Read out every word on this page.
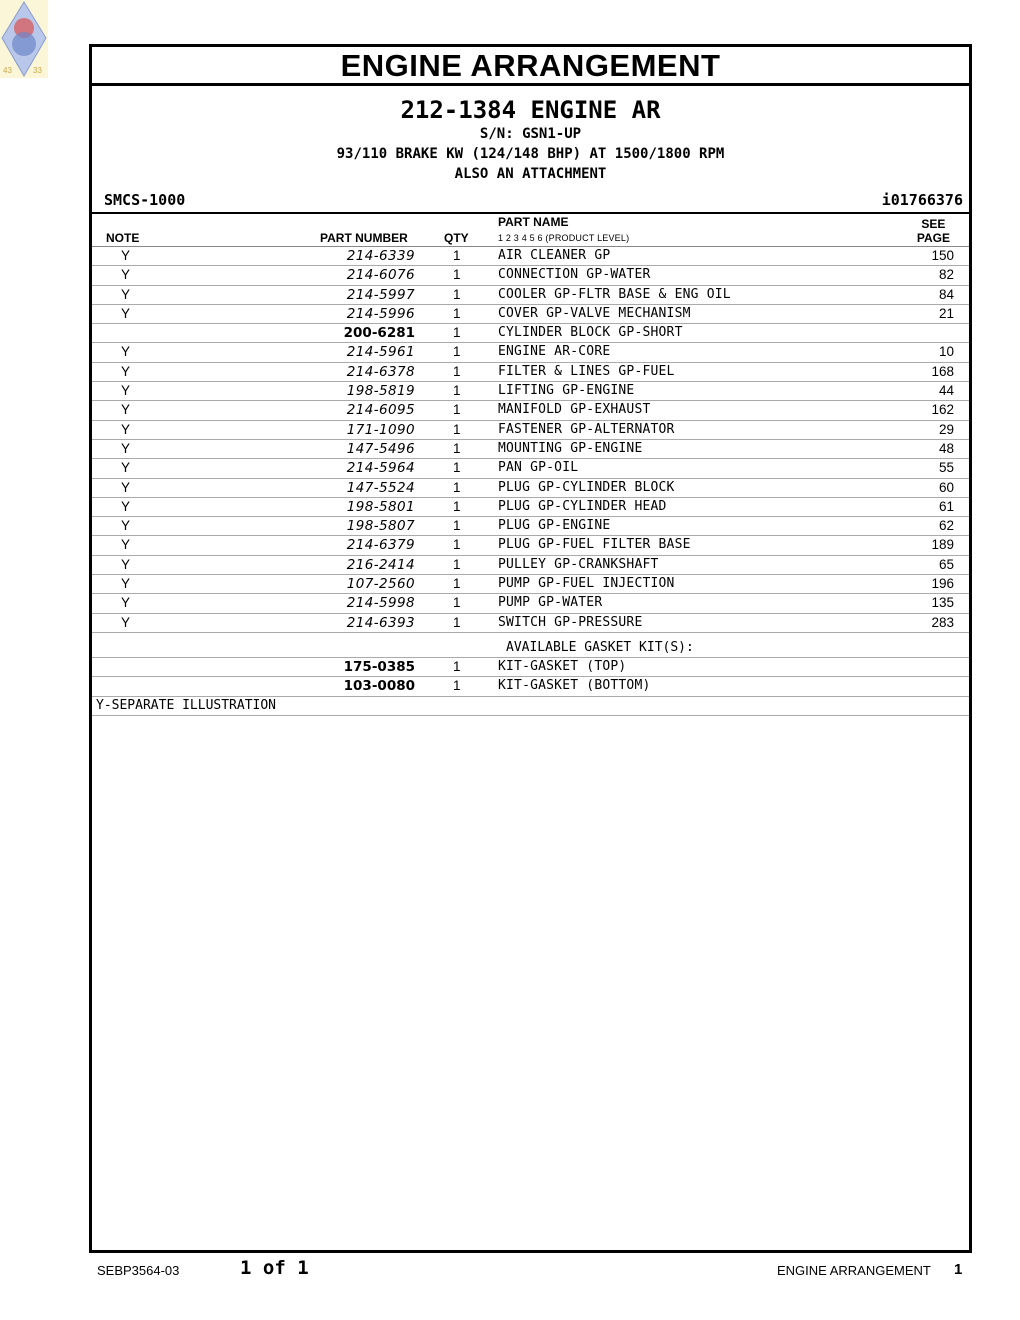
43	33	ENGINE ARRANGEMENT
212-1384 ENGINE AR
S/N: GSN1-UP
93/110 BRAKE KW (124/148 BHP) AT 1500/1800 RPM
ALSO AN ATTACHMENT
SMCS-1000	i01766376
NOTE	PART NUMBER	QTY
PART NAME
1 2 3 4 5 6 (PRODUCT LEVEL)
SEE
PAGE
Y	214-6339	1	AIR CLEANER GP	150
Y	214-6076	1	CONNECTION GP-WATER	82
Y	214-5997	1	COOLER GP-FLTR BASE & ENG OIL	84
Y	214-5996	1	COVER GP-VALVE MECHANISM	21
200-6281	1	CYLINDER BLOCK GP-SHORT
Y	214-5961	1	ENGINE AR-CORE	10
Y	214-6378	1	FILTER & LINES GP-FUEL	168
Y	198-5819	1	LIFTING GP-ENGINE	44
Y	214-6095	1	MANIFOLD GP-EXHAUST	162
Y	171-1090	1	FASTENER GP-ALTERNATOR	29
Y	147-5496	1	MOUNTING GP-ENGINE	48
Y	214-5964	1	PAN GP-OIL	55
Y	147-5524	1	PLUG GP-CYLINDER BLOCK	60
Y	198-5801	1	PLUG GP-CYLINDER HEAD	61
Y	198-5807	1	PLUG GP-ENGINE	62
Y	214-6379	1	PLUG GP-FUEL FILTER BASE	189
Y	216-2414	1	PULLEY GP-CRANKSHAFT	65
Y	107-2560	1	PUMP GP-FUEL INJECTION	196
Y	214-5998	1	PUMP GP-WATER	135
Y	214-6393	1	SWITCH GP-PRESSURE	283
AVAILABLE GASKET KIT(S):
175-0385	1	KIT-GASKET (TOP)
103-0080	1	KIT-GASKET (BOTTOM)
Y-SEPARATE ILLUSTRATION
SEBP3564-03	1 of 1	ENGINE ARRANGEMENT 1
